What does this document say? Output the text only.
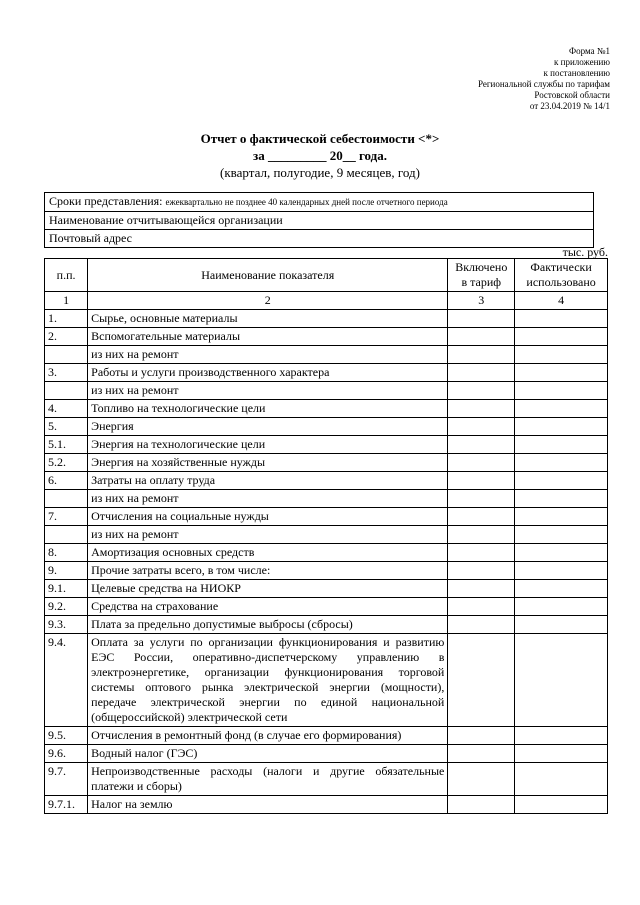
Форма №1
к приложению
к постановлению
Региональной службы по тарифам
Ростовской области
от 23.04.2019 № 14/1
Отчет о фактической себестоимости <*>
за _________ 20__ года.
(квартал, полугодие, 9 месяцев, год)
Сроки представления: ежеквартально не позднее 40 календарных дней после отчетного периода
Наименование отчитывающейся организации
Почтовый адрес
тыс. руб.
п.п.	Наименование показателя	Включено в тариф	Фактически использовано
1	2	3	4
1.	Сырье, основные материалы		
2.	Вспомогательные материалы		
	из них на ремонт		
3.	Работы и услуги производственного характера		
	из них на ремонт		
4.	Топливо на технологические цели		
5.	Энергия		
5.1.	Энергия на технологические цели		
5.2.	Энергия на хозяйственные нужды		
6.	Затраты на оплату труда		
	из них на ремонт		
7.	Отчисления на социальные нужды		
	из них на ремонт		
8.	Амортизация основных средств		
9.	Прочие затраты всего, в том числе:		
9.1.	Целевые средства на НИОКР		
9.2.	Средства на страхование		
9.3.	Плата за предельно допустимые выбросы (сбросы)		
9.4.	Оплата за услуги по организации функционирования и развитию ЕЭС России, оперативно-диспетчерскому управлению в электроэнергетике, организации функционирования торговой системы оптового рынка электрической энергии (мощности), передаче электрической энергии по единой национальной (общероссийской) электрической сети		
9.5.	Отчисления в ремонтный фонд (в случае его формирования)		
9.6.	Водный налог (ГЭС)		
9.7.	Непроизводственные расходы (налоги и другие обязательные платежи и сборы)		
9.7.1.	Налог на землю		
